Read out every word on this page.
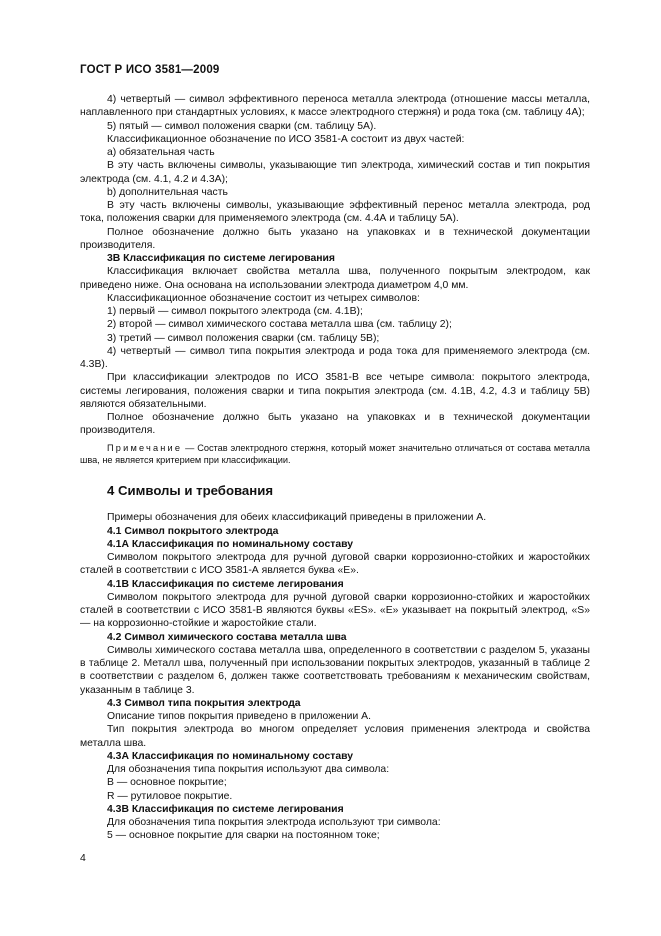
ГОСТ Р ИСО 3581—2009

4) четвертый — символ эффективного переноса металла электрода (отношение массы металла, наплавленного при стандартных условиях, к массе электродного стержня) и рода тока (см. таблицу 4А);

5) пятый — символ положения сварки (см. таблицу 5А).

Классификационное обозначение по ИСО 3581-А состоит из двух частей:

а) обязательная часть

В эту часть включены символы, указывающие тип электрода, химический состав и тип покрытия электрода (см. 4.1, 4.2 и 4.3А);

b) дополнительная часть

В эту часть включены символы, указывающие эффективный перенос металла электрода, род тока, положения сварки для применяемого электрода (см. 4.4А и таблицу 5А).

Полное обозначение должно быть указано на упаковках и в технической документации производителя.

3В Классификация по системе легирования

Классификация включает свойства металла шва, полученного покрытым электродом, как приведено ниже. Она основана на использовании электрода диаметром 4,0 мм.

Классификационное обозначение состоит из четырех символов:

1) первый — символ покрытого электрода (см. 4.1В);

2) второй — символ химического состава металла шва (см. таблицу 2);

3) третий — символ положения сварки (см. таблицу 5В);

4) четвертый — символ типа покрытия электрода и рода тока для применяемого электрода (см. 4.3В).

При классификации электродов по ИСО 3581-В все четыре символа: покрытого электрода, системы легирования, положения сварки и типа покрытия электрода (см. 4.1В, 4.2, 4.3 и таблицу 5В) являются обязательными.

Полное обозначение должно быть указано на упаковках и в технической документации производителя.

Примечание — Состав электродного стержня, который может значительно отличаться от состава металла шва, не является критерием при классификации.

4 Символы и требования

Примеры обозначения для обеих классификаций приведены в приложении А.

4.1 Символ покрытого электрода

4.1А Классификация по номинальному составу

Символом покрытого электрода для ручной дуговой сварки коррозионно-стойких и жаростойких сталей в соответствии с ИСО 3581-А является буква «Е».

4.1В Классификация по системе легирования

Символом покрытого электрода для ручной дуговой сварки коррозионно-стойких и жаростойких сталей в соответствии с ИСО 3581-В являются буквы «ES». «Е» указывает на покрытый электрод, «S» — на коррозионно-стойкие и жаростойкие стали.

4.2 Символ химического состава металла шва

Символы химического состава металла шва, определенного в соответствии с разделом 5, указаны в таблице 2. Металл шва, полученный при использовании покрытых электродов, указанный в таблице 2 в соответствии с разделом 6, должен также соответствовать требованиям к механическим свойствам, указанным в таблице 3.

4.3 Символ типа покрытия электрода

Описание типов покрытия приведено в приложении А.

Тип покрытия электрода во многом определяет условия применения электрода и свойства металла шва.

4.3А Классификация по номинальному составу

Для обозначения типа покрытия используют два символа:

В — основное покрытие;

R — рутиловое покрытие.

4.3В Классификация по системе легирования

Для обозначения типа покрытия электрода используют три символа:

5 — основное покрытие для сварки на постоянном токе;

4
